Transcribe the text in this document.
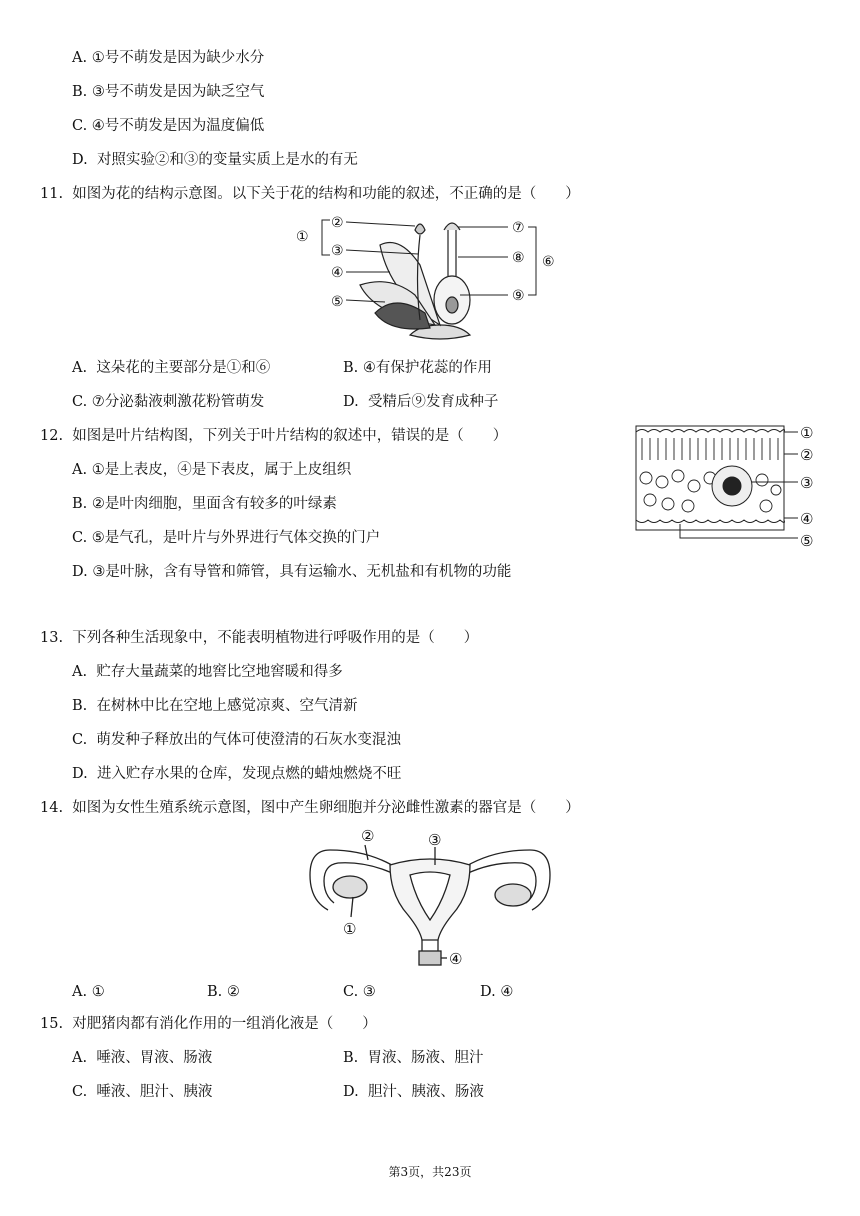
A. ①号不萌发是因为缺少水分
B. ③号不萌发是因为缺乏空气
C. ④号不萌发是因为温度偏低
D. 对照实验②和③的变量实质上是水的有无
11. 如图为花的结构示意图。以下关于花的结构和功能的叙述，不正确的是（　　）
①
②
③
④
⑤
⑥
⑦
⑧
⑨
A. 这朵花的主要部分是①和⑥	B. ④有保护花蕊的作用
C. ⑦分泌黏液刺激花粉管萌发	D. 受精后⑨发育成种子
12. 如图是叶片结构图，下列关于叶片结构的叙述中，错误的是（　　）	①
②
③
④
⑤
A. ①是上表皮，④是下表皮，属于上皮组织
B. ②是叶肉细胞，里面含有较多的叶绿素
C. ⑤是气孔，是叶片与外界进行气体交换的门户
D. ③是叶脉，含有导管和筛管，具有运输水、无机盐和有机物的功能
13. 下列各种生活现象中，不能表明植物进行呼吸作用的是（　　）
A. 贮存大量蔬菜的地窖比空地窖暖和得多
B. 在树林中比在空地上感觉凉爽、空气清新
C. 萌发种子释放出的气体可使澄清的石灰水变混浊
D. 进入贮存水果的仓库，发现点燃的蜡烛燃烧不旺
14. 如图为女性生殖系统示意图，图中产生卵细胞并分泌雌性激素的器官是（　　）
②	③
①
④
A. ①	B. ②	C. ③	D. ④
15. 对肥猪肉都有消化作用的一组消化液是（　　）
A. 唾液、胃液、肠液	B. 胃液、肠液、胆汁
C. 唾液、胆汁、胰液	D. 胆汁、胰液、肠液
第3页，共23页
